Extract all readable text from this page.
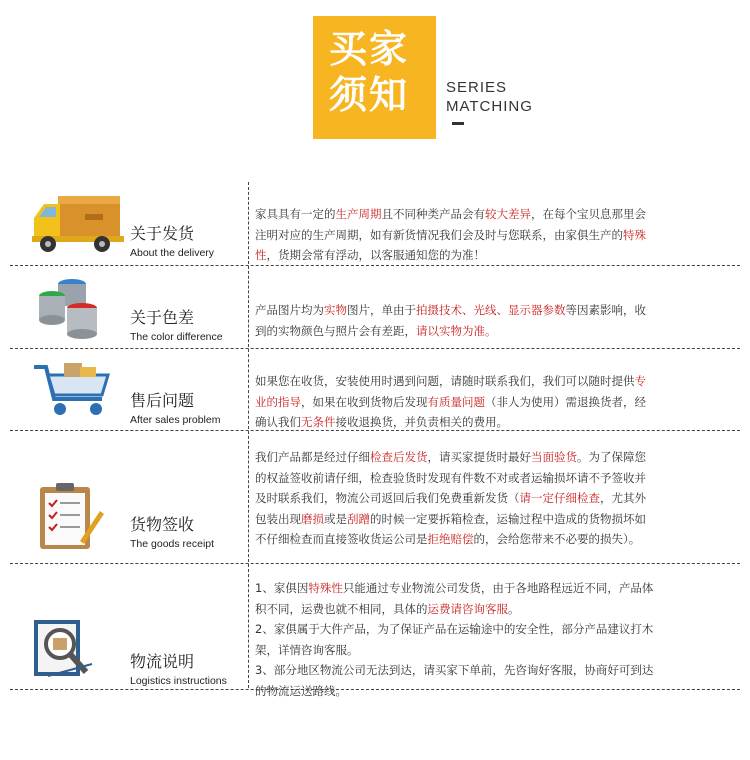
买家
须知	SERIES
MATCHING
关于发货
About the delivery
家具具有一定的生产周期且不同种类产品会有较大差异，在每个宝贝息那里会注明对应的生产周期，如有新货情况我们会及时与您联系，由家俱生产的特殊性，货期会常有浮动，以客服通知您的为准！
关于色差
The color difference
产品图片均为实物图片，单由于拍摄技术、光线、显示器参数等因素影响，收到的实物颜色与照片会有差距，请以实物为准。
售后问题
After sales problem
如果您在收货，安装使用时遇到问题，请随时联系我们，我们可以随时提供专业的指导，如果在收到货物后发现有质量问题（非人为使用）需退换货者，经确认我们无条件接收退换货，并负责相关的费用。
货物签收
The goods receipt
我们产品都是经过仔细检查后发货，请买家提货时最好当面验货。为了保障您的权益签收前请仔细，检查验货时发现有件数不对或者运输损坏请不予签收并及时联系我们，物流公司返回后我们免费重新发货（请一定仔细检查，尤其外包装出现磨损或是刮蹭的时候一定要拆箱检查，运输过程中造成的货物损坏如不仔细检查而直接签收货运公司是拒绝赔偿的，会给您带来不必要的损失）。
物流说明
Logistics instructions
1、家俱因特殊性只能通过专业物流公司发货，由于各地路程远近不同，产品体积不同，运费也就不相同，具体的运费请咨询客服。
2、家俱属于大件产品，为了保证产品在运输途中的安全性，部分产品建议打木架，详情咨询客服。
3、部分地区物流公司无法到达，请买家下单前，先咨询好客服，协商好可到达的物流运送路线。
